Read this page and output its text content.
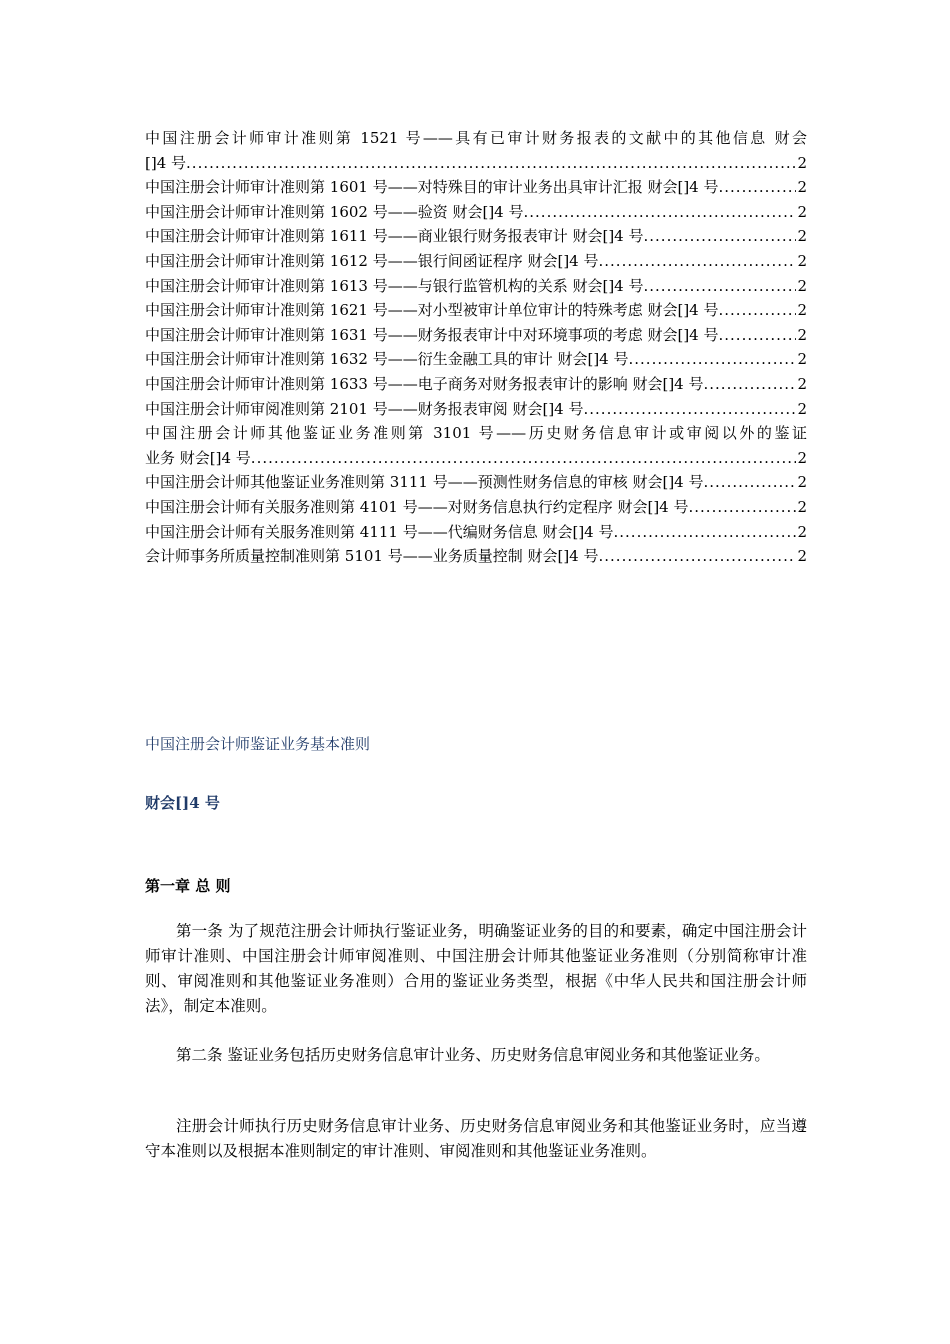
中国注册会计师审计准则第 1521 号——具有已审计财务报表的文献中的其他信息 财会
[]4 号 .....	2
中国注册会计师审计准则第 1601 号——对特殊目的审计业务出具审计汇报 财会[]4 号 .....	2
中国注册会计师审计准则第 1602 号——验资 财会[]4 号 .....	2
中国注册会计师审计准则第 1611 号——商业银行财务报表审计 财会[]4 号 .....	2
中国注册会计师审计准则第 1612 号——银行间函证程序 财会[]4 号 .....	2
中国注册会计师审计准则第 1613 号——与银行监管机构的关系 财会[]4 号 .....	2
中国注册会计师审计准则第 1621 号——对小型被审计单位审计的特殊考虑 财会[]4 号 .....	2
中国注册会计师审计准则第 1631 号——财务报表审计中对环境事项的考虑 财会[]4 号 .....	2
中国注册会计师审计准则第 1632 号——衍生金融工具的审计 财会[]4 号 .....	2
中国注册会计师审计准则第 1633 号——电子商务对财务报表审计的影响 财会[]4 号 .....	2
中国注册会计师审阅准则第 2101 号——财务报表审阅 财会[]4 号 .....	2
中国注册会计师其他鉴证业务准则第 3101 号——历史财务信息审计或审阅以外的鉴证
业务 财会[]4 号 .....	2
中国注册会计师其他鉴证业务准则第 3111 号——预测性财务信息的审核 财会[]4 号 .....	2
中国注册会计师有关服务准则第 4101 号——对财务信息执行约定程序 财会[]4 号 .....	2
中国注册会计师有关服务准则第 4111 号——代编财务信息 财会[]4 号 .....	2
会计师事务所质量控制准则第 5101 号——业务质量控制 财会[]4 号 .....	2
中国注册会计师鉴证业务基本准则
财会[]4 号
第一章 总 则

第一条 为了规范注册会计师执行鉴证业务，明确鉴证业务的目的和要素，确定中国注册会计师审计准则、中国注册会计师审阅准则、中国注册会计师其他鉴证业务准则（分别简称审计准则、审阅准则和其他鉴证业务准则）合用的鉴证业务类型，根据《中华人民共和国注册会计师法》，制定本准则。

第二条 鉴证业务包括历史财务信息审计业务、历史财务信息审阅业务和其他鉴证业务。

注册会计师执行历史财务信息审计业务、历史财务信息审阅业务和其他鉴证业务时，应当遵守本准则以及根据本准则制定的审计准则、审阅准则和其他鉴证业务准则。
